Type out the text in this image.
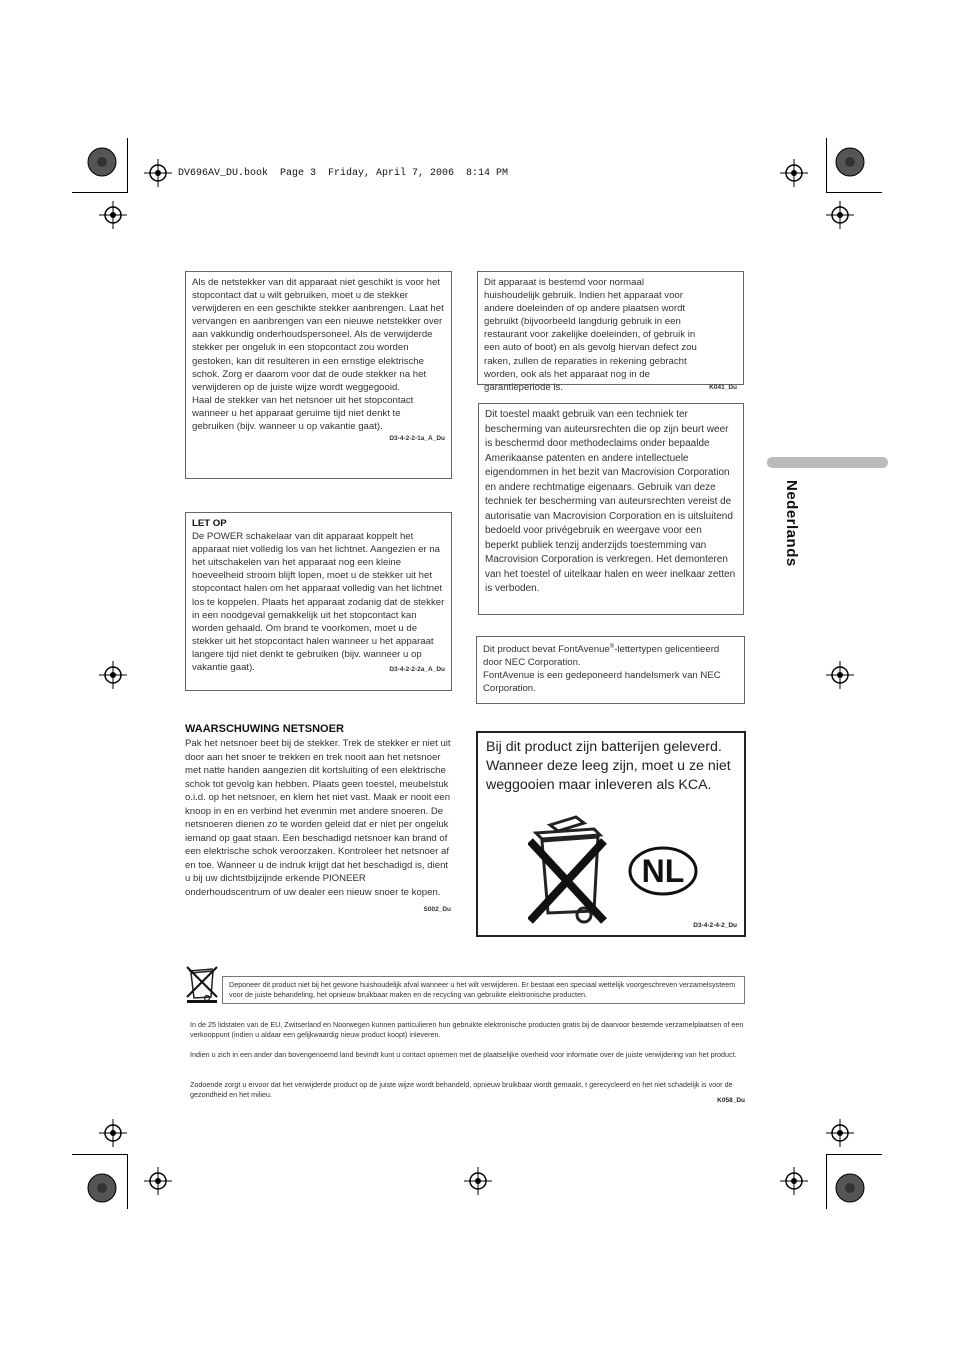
DV696AV_DU.book  Page 3  Friday, April 7, 2006  8:14 PM

Als de netstekker van dit apparaat niet geschikt is voor het stopcontact dat u wilt gebruiken, moet u de stekker verwijderen en een geschikte stekker aanbrengen. Laat het vervangen en aanbrengen van een nieuwe netstekker over aan vakkundig onderhoudspersoneel. Als de verwijderde stekker per ongeluk in een stopcontact zou worden gestoken, kan dit resulteren in een ernstige elektrische schok. Zorg er daarom voor dat de oude stekker na het verwijderen op de juiste wijze wordt weggegooid.

Haal de stekker van het netsnoer uit het stopcontact wanneer u het apparaat geruime tijd niet denkt te gebruiken (bijv. wanneer u op vakantie gaat).

D3-4-2-2-1a_A_Du
LET OP

De POWER schakelaar van dit apparaat koppelt het apparaat niet volledig los van het lichtnet. Aangezien er na het uitschakelen van het apparaat nog een kleine hoeveelheid stroom blijft lopen, moet u de stekker uit het stopcontact halen om het apparaat volledig van het lichtnet los te koppelen. Plaats het apparaat zodanig dat de stekker in een noodgeval gemakkelijk uit het stopcontact kan worden gehaald. Om brand te voorkomen, moet u de stekker uit het stopcontact halen wanneer u het apparaat langere tijd niet denkt te gebruiken (bijv. wanneer u op vakantie gaat).	D3-4-2-2-2a_A_Du
WAARSCHUWING NETSNOER
Pak het netsnoer beet bij de stekker. Trek de stekker er niet uit door aan het snoer te trekken en trek nooit aan het netsnoer met natte handen aangezien dit kortsluiting of een elektrische schok tot gevolg kan hebben. Plaats geen toestel, meubelstuk o.i.d. op het netsnoer, en klem het niet vast. Maak er nooit een knoop in en en verbind het evenmin met andere snoeren. De netsnoeren dienen zo te worden geleid dat er niet per ongeluk iemand op gaat staan. Een beschadigd netsnoer kan brand of een elektrische schok veroorzaken. Kontroleer het netsnoer af en toe. Wanneer u de indruk krijgt dat het beschadigd is, dient u bij uw dichtstbijzijnde erkende PIONEER onderhoudscentrum of uw dealer een nieuw snoer te kopen.
S002_Du

Dit apparaat is bestemd voor normaal huishoudelijk gebruik. Indien het apparaat voor andere doeleinden of op andere plaatsen wordt gebruikt (bijvoorbeeld langdurig gebruik in een restaurant voor zakelijke doeleinden, of gebruik in een auto of boot) en als gevolg hiervan defect zou raken, zullen de reparaties in rekening gebracht worden, ook als het apparaat nog in de garantieperiode is.	K041_Du

Dit toestel maakt gebruik van een techniek ter bescherming van auteursrechten die op zijn beurt weer is beschermd door methodeclaims onder bepaalde Amerikaanse patenten en andere intellectuele eigendommen in het bezit van Macrovision Corporation en andere rechtmatige eigenaars. Gebruik van deze techniek ter bescherming van auteursrechten vereist de autorisatie van Macrovision Corporation en is uitsluitend bedoeld voor privégebruik en weergave voor een beperkt publiek tenzij anderzijds toestemming van Macrovision Corporation is verkregen. Het demonteren van het toestel of uitelkaar halen en weer inelkaar zetten is verboden.

Dit product bevat FontAvenue®-lettertypen gelicentieerd door NEC Corporation.

FontAvenue is een gedeponeerd handelsmerk van NEC Corporation.

Bij dit product zijn batterijen geleverd. Wanneer deze leeg zijn, moet u ze niet weggooien maar inleveren als KCA.
NL
D3-4-2-4-2_Du
Nederlands
Deponeer dit product niet bij het gewone huishoudelijk afval wanneer u het wilt verwijderen. Er bestaat een speciaal wettelijk voorgeschreven verzamelsysteem voor de juiste behandeling, het opnieuw bruikbaar maken en de recycling van gebruikte elektronische producten.
In de 25 lidstaten van de EU, Zwitserland en Noorwegen kunnen particulieren hun gebruikte elektronische producten gratis bij de daarvoor bestemde verzamelplaatsen of een verkooppunt (indien u aldaar een gelijkwaardig nieuw product koopt) inleveren.
Indien u zich in een ander dan bovengenoemd land bevindt kunt u contact opnemen met de plaatselijke overheid voor informatie over de juiste verwijdering van het product.
Zodoende zorgt u ervoor dat het verwijderde product op de juiste wijze wordt behandeld, opnieuw bruikbaar wordt gemaakt, t gerecycleerd en het niet schadelijk is voor de gezondheid en het milieu.
K058_Du
